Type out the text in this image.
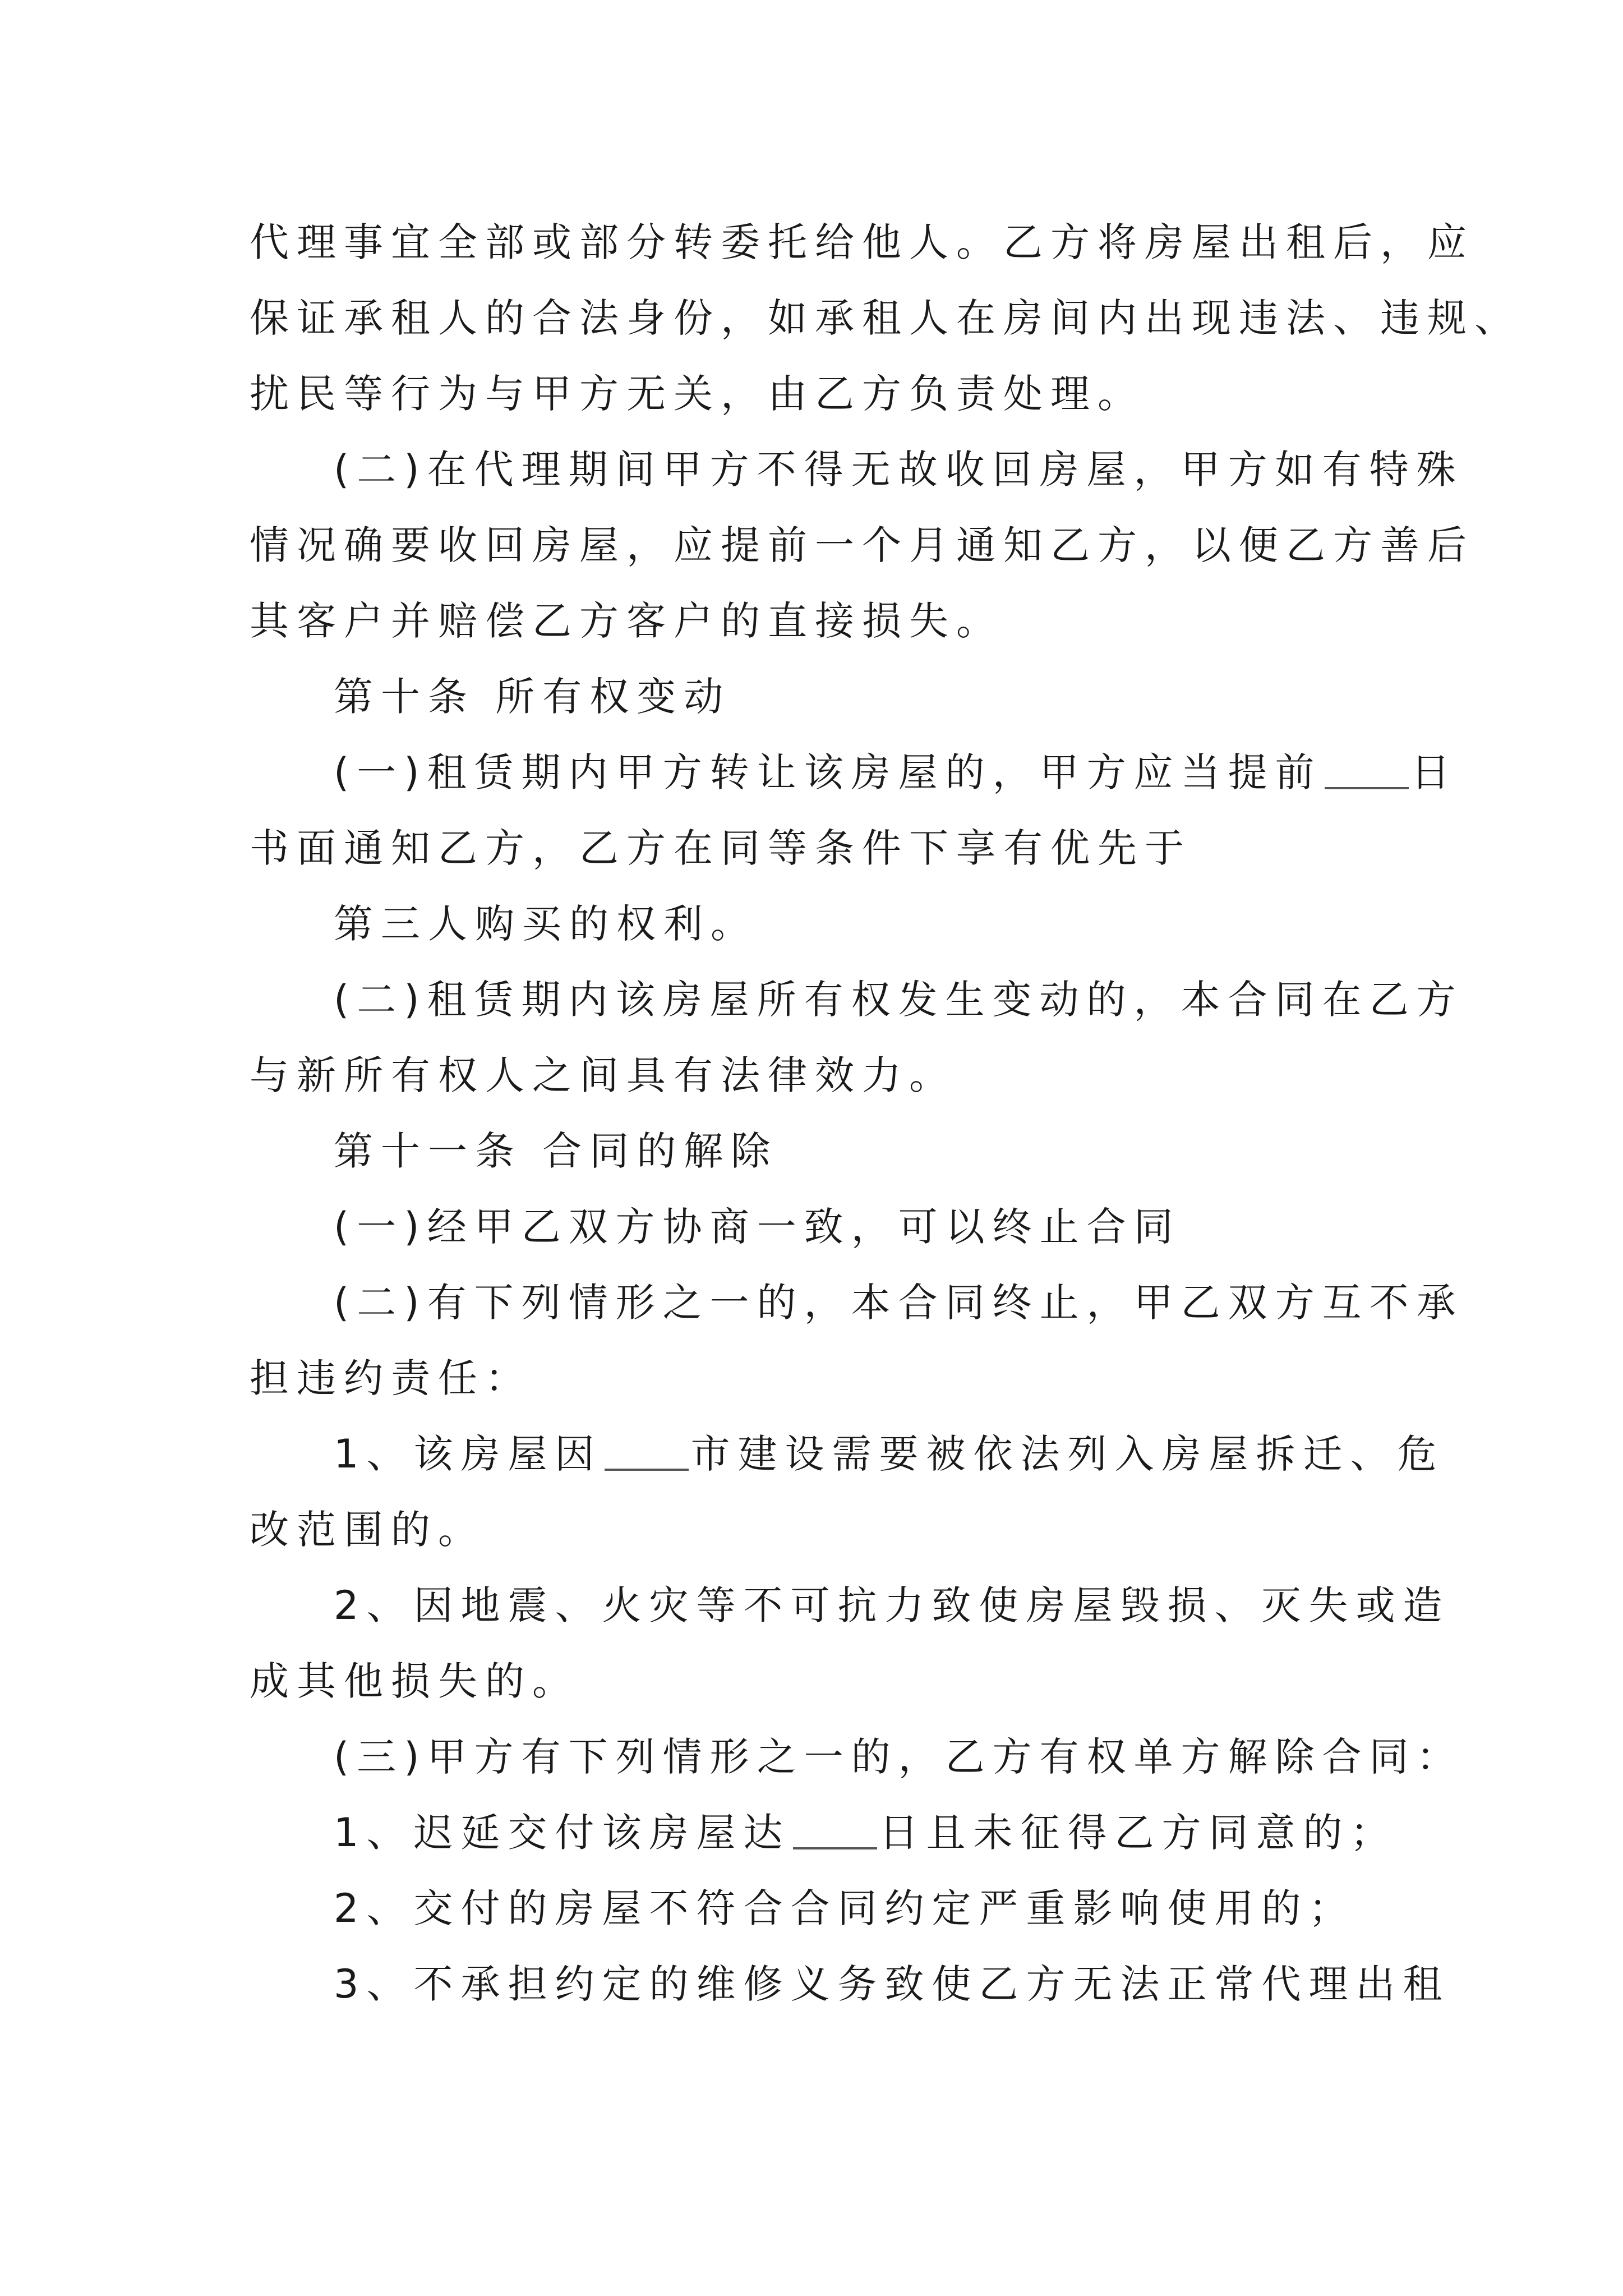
代理事宜全部或部分转委托给他人。乙方将房屋出租后，应
保证承租人的合法身份，如承租人在房间内出现违法、违规、
扰民等行为与甲方无关，由乙方负责处理。
(二)在代理期间甲方不得无故收回房屋，甲方如有特殊
情况确要收回房屋，应提前一个月通知乙方，以便乙方善后
其客户并赔偿乙方客户的直接损失。
第十条 所有权变动
(一)租赁期内甲方转让该房屋的，甲方应当提前 日
书面通知乙方，乙方在同等条件下享有优先于
第三人购买的权利。
(二)租赁期内该房屋所有权发生变动的，本合同在乙方
与新所有权人之间具有法律效力。
第十一条 合同的解除
(一)经甲乙双方协商一致，可以终止合同
(二)有下列情形之一的，本合同终止，甲乙双方互不承
担违约责任：
1、该房屋因 市建设需要被依法列入房屋拆迁、危
改范围的。
2、因地震、火灾等不可抗力致使房屋毁损、灭失或造
成其他损失的。
(三)甲方有下列情形之一的，乙方有权单方解除合同：
1、迟延交付该房屋达 日且未征得乙方同意的；
2、交付的房屋不符合合同约定严重影响使用的；
3、不承担约定的维修义务致使乙方无法正常代理出租
